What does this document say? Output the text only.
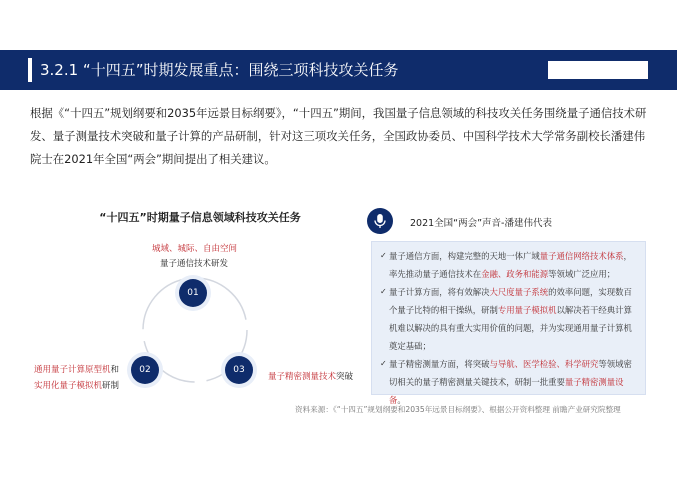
3.2.1 “十四五”时期发展重点：围绕三项科技攻关任务

根据《“十四五”规划纲要和2035年远景目标纲要》，“十四五”期间，我国量子信息领域的科技攻关任务围绕量子通信技术研发、量子测量技术突破和量子计算的产品研制，针对这三项攻关任务，全国政协委员、中国科学技术大学常务副校长潘建伟院士在2021年全国“两会”期间提出了相关建议。

“十四五”时期量子信息领域科技攻关任务
01
02	03
城域、城际、自由空间
量子通信技术研发
通用量子计算原型机和
实用化量子模拟机研制
量子精密测量技术突破
2021全国“两会”声音-潘建伟代表

✓ 量子通信方面，构建完整的天地一体广域量子通信网络技术体系，率先推动量子通信技术在金融、政务和能源等领域广泛应用；

✓ 量子计算方面，将有效解决大尺度量子系统的效率问题，实现数百个量子比特的相干操纵，研制专用量子模拟机以解决若干经典计算机难以解决的具有重大实用价值的问题，并为实现通用量子计算机奠定基础；

✓ 量子精密测量方面，将突破与导航、医学检验、科学研究等领域密切相关的量子精密测量关键技术，研制一批重要量子精密测量设备。

资料来源：《“十四五”规划纲要和2035年远景目标纲要》、根据公开资料整理 前瞻产业研究院整理
